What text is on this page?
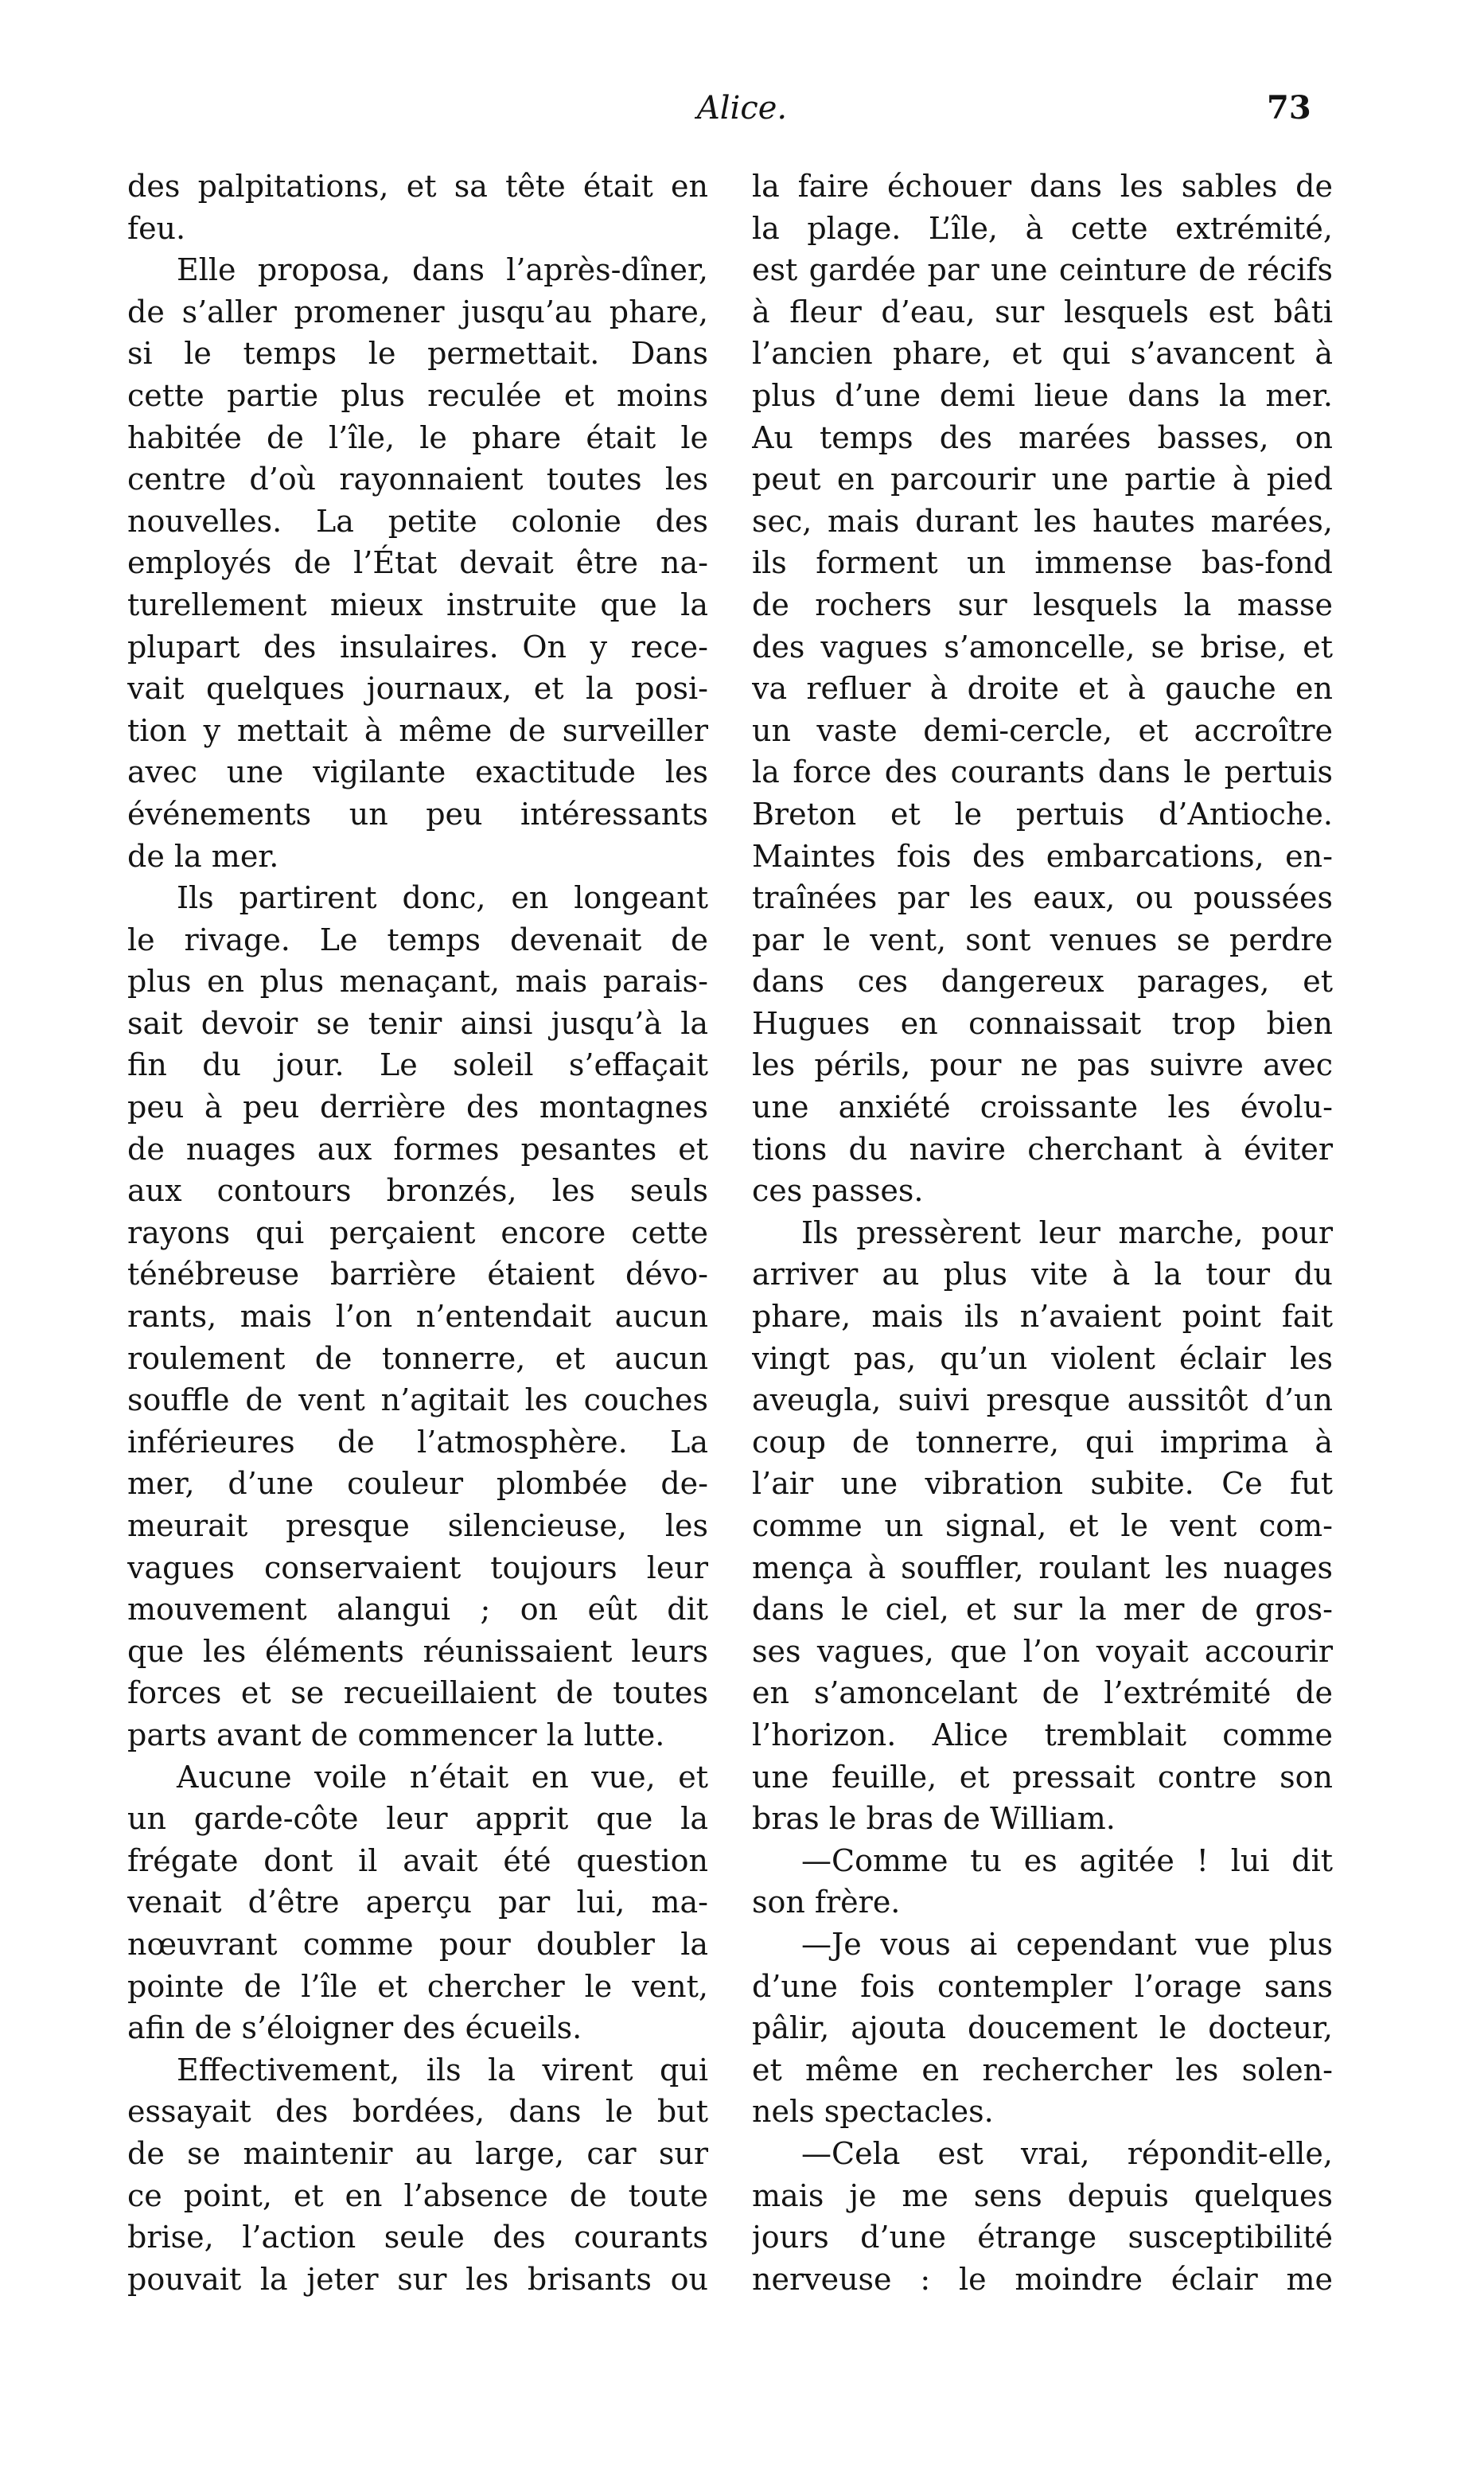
Alice.	73
des palpitations, et sa tête était en
feu.
Elle proposa, dans l’après-dîner,
de s’aller promener jusqu’au phare,
si le temps le permettait. Dans
cette partie plus reculée et moins
habitée de l’île, le phare était le
centre d’où rayonnaient toutes les
nouvelles. La petite colonie des
employés de l’État devait être na-
turellement mieux instruite que la
plupart des insulaires. On y rece-
vait quelques journaux, et la posi-
tion y mettait à même de surveiller
avec une vigilante exactitude les
événements un peu intéressants
de la mer.
Ils partirent donc, en longeant
le rivage. Le temps devenait de
plus en plus menaçant, mais parais-
sait devoir se tenir ainsi jusqu’à la
fin du jour. Le soleil s’effaçait
peu à peu derrière des montagnes
de nuages aux formes pesantes et
aux contours bronzés, les seuls
rayons qui perçaient encore cette
ténébreuse barrière étaient dévo-
rants, mais l’on n’entendait aucun
roulement de tonnerre, et aucun
souffle de vent n’agitait les couches
inférieures de l’atmosphère. La
mer, d’une couleur plombée de-
meurait presque silencieuse, les
vagues conservaient toujours leur
mouvement alangui ; on eût dit
que les éléments réunissaient leurs
forces et se recueillaient de toutes
parts avant de commencer la lutte.
Aucune voile n’était en vue, et
un garde-côte leur apprit que la
frégate dont il avait été question
venait d’être aperçu par lui, ma-
nœuvrant comme pour doubler la
pointe de l’île et chercher le vent,
afin de s’éloigner des écueils.
Effectivement, ils la virent qui
essayait des bordées, dans le but
de se maintenir au large, car sur
ce point, et en l’absence de toute
brise, l’action seule des courants
pouvait la jeter sur les brisants ou
la faire échouer dans les sables de
la plage. L’île, à cette extrémité,
est gardée par une ceinture de récifs
à fleur d’eau, sur lesquels est bâti
l’ancien phare, et qui s’avancent à
plus d’une demi lieue dans la mer.
Au temps des marées basses, on
peut en parcourir une partie à pied
sec, mais durant les hautes marées,
ils forment un immense bas-fond
de rochers sur lesquels la masse
des vagues s’amoncelle, se brise, et
va refluer à droite et à gauche en
un vaste demi-cercle, et accroître
la force des courants dans le pertuis
Breton et le pertuis d’Antioche.
Maintes fois des embarcations, en-
traînées par les eaux, ou poussées
par le vent, sont venues se perdre
dans ces dangereux parages, et
Hugues en connaissait trop bien
les périls, pour ne pas suivre avec
une anxiété croissante les évolu-
tions du navire cherchant à éviter
ces passes.
Ils pressèrent leur marche, pour
arriver au plus vite à la tour du
phare, mais ils n’avaient point fait
vingt pas, qu’un violent éclair les
aveugla, suivi presque aussitôt d’un
coup de tonnerre, qui imprima à
l’air une vibration subite. Ce fut
comme un signal, et le vent com-
mença à souffler, roulant les nuages
dans le ciel, et sur la mer de gros-
ses vagues, que l’on voyait accourir
en s’amoncelant de l’extrémité de
l’horizon. Alice tremblait comme
une feuille, et pressait contre son
bras le bras de William.
—Comme tu es agitée ! lui dit
son frère.
—Je vous ai cependant vue plus
d’une fois contempler l’orage sans
pâlir, ajouta doucement le docteur,
et même en rechercher les solen-
nels spectacles.
—Cela est vrai, répondit-elle,
mais je me sens depuis quelques
jours d’une étrange susceptibilité
nerveuse : le moindre éclair me
